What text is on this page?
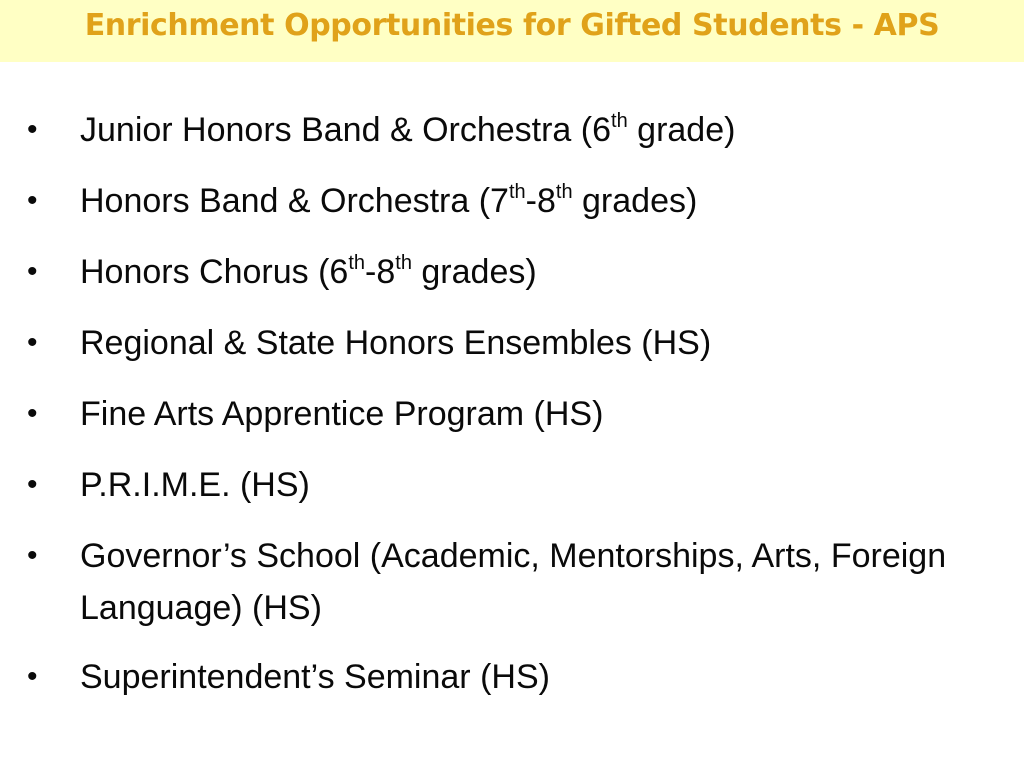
Enrichment Opportunities for Gifted Students - APS
• Junior Honors Band & Orchestra (6th grade)
• Honors Band & Orchestra (7th-8th grades)
• Honors Chorus (6th-8th grades)
• Regional & State Honors Ensembles (HS)
• Fine Arts Apprentice Program (HS)
• P.R.I.M.E. (HS)
• Governor’s School (Academic, Mentorships, Arts, Foreign Language) (HS)
• Superintendent’s Seminar (HS)
